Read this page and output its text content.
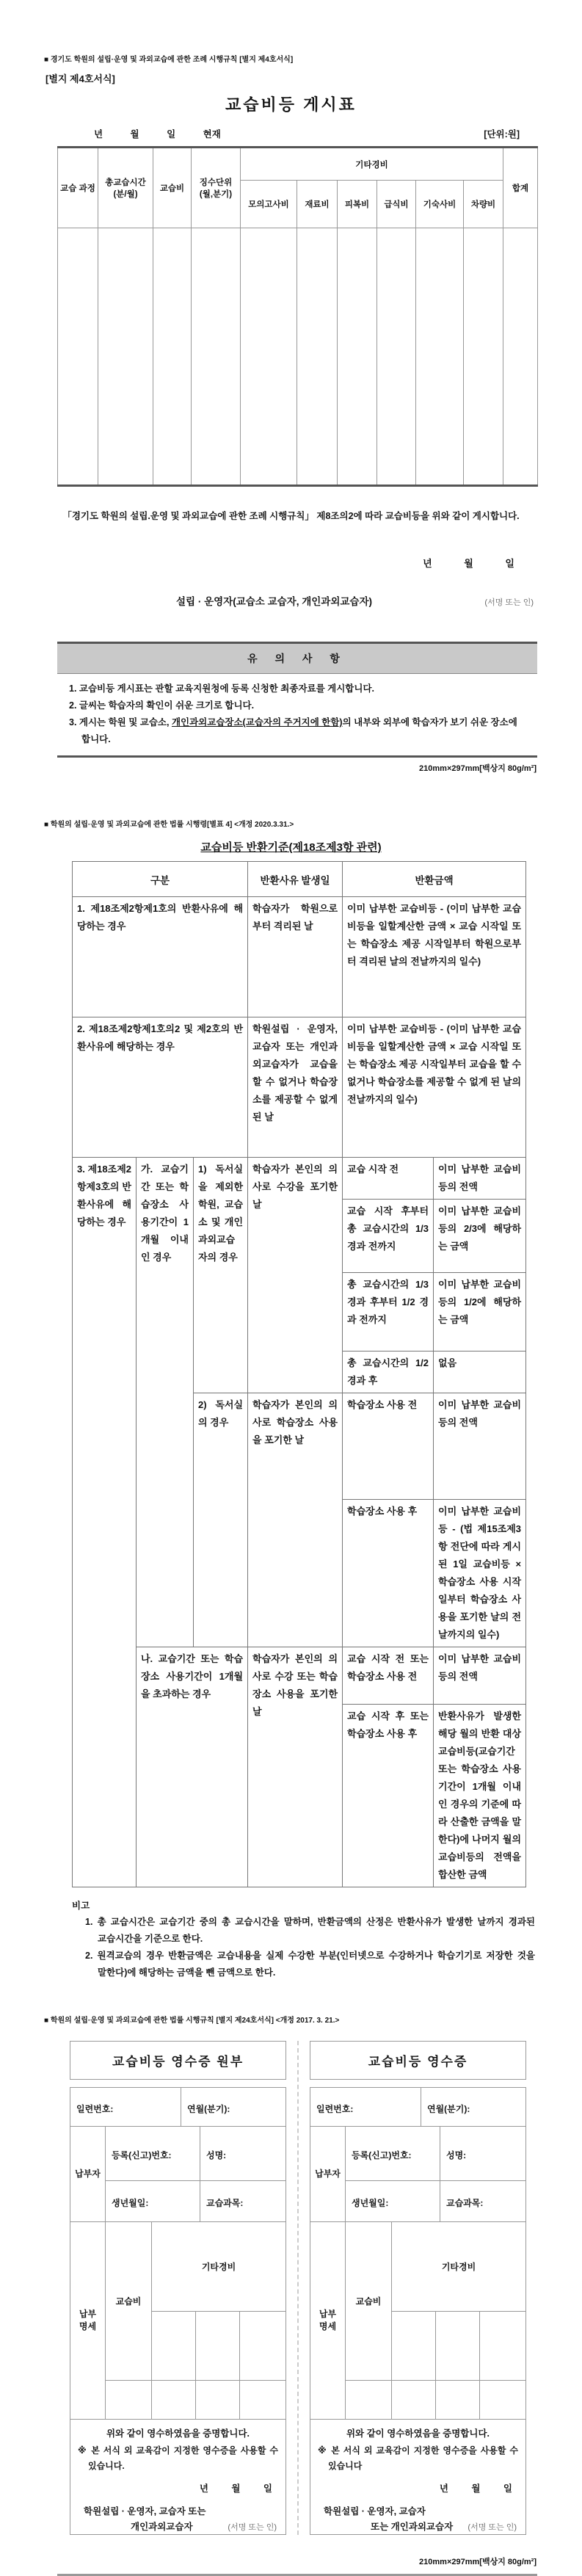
■ 경기도 학원의 설립·운영 및 과외교습에 관한 조례 시행규칙 [별지 제4호서식]
[별지 제4호서식]
교습비등 게시표
년 월 일 현재	[단위:원]
교습 과정	총교습시간 (분/월)	교습비	징수단위 (월,분기)	기타경비						합계
				모의고사비	재료비	피복비	급식비	기숙사비	차량비	

「경기도 학원의 설립.운영 및 과외교습에 관한 조례 시행규칙」 제8조의2에 따라 교습비등을 위와 같이 게시합니다.
년 월 일
설립 · 운영자(교습소 교습자, 개인과외교습자)	(서명 또는 인)
유 의 사 항
1. 교습비등 게시표는 관할 교육지원청에 등록 신청한 최종자료를 게시합니다.
2. 글씨는 학습자의 확인이 쉬운 크기로 합니다.
3. 게시는 학원 및 교습소, 개인과외교습장소(교습자의 주거지에 한함)의 내부와 외부에 학습자가 보기 쉬운 장소에 합니다.
210mm×297mm[백상지 80g/m²]
■ 학원의 설립·운영 및 과외교습에 관한 법률 시행령[별표 4] <개정 2020.3.31.>
교습비등 반환기준(제18조제3항 관련)
구분			반환사유 발생일	반환금액	
1. 제18조제2항제1호의 반환사유에 해당하는 경우			학습자가 학원으로부터 격리된 날	이미 납부한 교습비등 - (이미 납부한 교습비등을 일할계산한 금액 × 교습 시작일 또는 학습장소 제공 시작일부터 학원으로부터 격리된 날의 전날까지의 일수)	
2. 제18조제2항제1호의2 및 제2호의 반환사유에 해당하는 경우			학원설립 · 운영자, 교습자 또는 개인과외교습자가 교습을 할 수 없거나 학습장소를 제공할 수 없게 된 날	이미 납부한 교습비등 - (이미 납부한 교습비등을 일할계산한 금액 × 교습 시작일 또는 학습장소 제공 시작일부터 교습을 할 수 없거나 학습장소를 제공할 수 없게 된 날의 전날까지의 일수)	
3. 제18조제2항제3호의 반환사유에 해당하는 경우	가. 교습기간 또는 학습장소 사용기간이 1개월 이내인 경우	1) 독서실을 제외한 학원, 교습소 및 개인과외교습자의 경우	학습자가 본인의 의사로 수강을 포기한 날	교습 시작 전	이미 납부한 교습비등의 전액
				교습 시작 후부터 총 교습시간의 1/3 경과 전까지	이미 납부한 교습비등의 2/3에 해당하는 금액
				총 교습시간의 1/3 경과 후부터 1/2 경과 전까지	이미 납부한 교습비등의 1/2에 해당하는 금액
				총 교습시간의 1/2 경과 후	없음
		2) 독서실의 경우	학습자가 본인의 의사로 학습장소 사용을 포기한 날	학습장소 사용 전	이미 납부한 교습비등의 전액
				학습장소 사용 후	이미 납부한 교습비등 - (법 제15조제3항 전단에 따라 게시된 1일 교습비등 × 학습장소 사용 시작일부터 학습장소 사용을 포기한 날의 전날까지의 일수)
	나. 교습기간 또는 학습장소 사용기간이 1개월을 초과하는 경우		학습자가 본인의 의사로 수강 또는 학습장소 사용을 포기한 날	교습 시작 전 또는 학습장소 사용 전	이미 납부한 교습비등의 전액
				교습 시작 후 또는 학습장소 사용 후	반환사유가 발생한 해당 월의 반환 대상 교습비등(교습기간 또는 학습장소 사용기간이 1개월 이내인 경우의 기준에 따라 산출한 금액을 말한다)에 나머지 월의 교습비등의 전액을 합산한 금액
비고
1. 총 교습시간은 교습기간 중의 총 교습시간을 말하며, 반환금액의 산정은 반환사유가 발생한 날까지 경과된 교습시간을 기준으로 한다.
2. 원격교습의 경우 반환금액은 교습내용을 실제 수강한 부분(인터넷으로 수강하거나 학습기기로 저장한 것을 말한다)에 해당하는 금액을 뺀 금액으로 한다.
■ 학원의 설립·운영 및 과외교습에 관한 법률 시행규칙 [별지 제24호서식] <개정 2017. 3. 21.>
교습비등 영수증 원부
일련번호:	연월(분기):
납부자
등록(신고)번호:	성명:
생년월일:	교습과목:
납부
명세
교습비
기타경비
위와 같이 영수하였음을 증명합니다.
※ 본 서식 외 교육감이 지정한 영수증을 사용할 수 있습니다.
년 월 일
학원설립 · 운영자, 교습자 또는
개인과외교습자	(서명 또는 인)
교습비등 영수증
일련번호:	연월(분기):
납부자
등록(신고)번호:	성명:
생년월일:	교습과목:
납부
명세
교습비
기타경비
위와 같이 영수하였음을 증명합니다.
※ 본 서식 외 교육감이 지정한 영수증을 사용할 수 있습니다
년 월 일
학원설립 · 운영자, 교습자
또는 개인과외교습자 (서명 또는 인)
210mm×297mm[백상지 80g/m²]
